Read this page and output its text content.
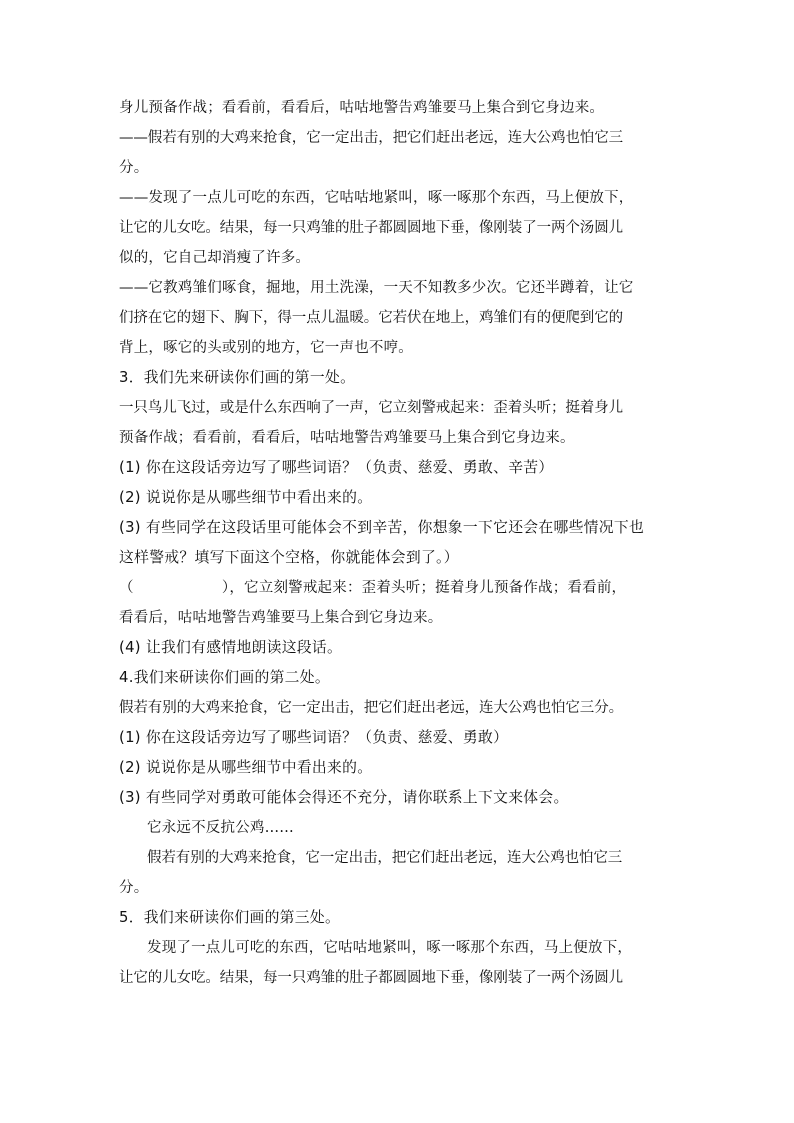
身儿预备作战；看看前，看看后，咕咕地警告鸡雏要马上集合到它身边来。
——假若有别的大鸡来抢食，它一定出击，把它们赶出老远，连大公鸡也怕它三
分。
——发现了一点儿可吃的东西，它咕咕地紧叫，啄一啄那个东西，马上便放下，
让它的儿女吃。结果，每一只鸡雏的肚子都圆圆地下垂，像刚装了一两个汤圆儿
似的，它自己却消瘦了许多。
——它教鸡雏们啄食，掘地，用土洗澡，一天不知教多少次。它还半蹲着，让它
们挤在它的翅下、胸下，得一点儿温暖。它若伏在地上，鸡雏们有的便爬到它的
背上，啄它的头或别的地方，它一声也不哼。
3．我们先来研读你们画的第一处。
一只鸟儿飞过，或是什么东西响了一声，它立刻警戒起来：歪着头听；挺着身儿
预备作战；看看前，看看后，咕咕地警告鸡雏要马上集合到它身边来。
(1) 你在这段话旁边写了哪些词语？（负责、慈爱、勇敢、辛苦）
(2) 说说你是从哪些细节中看出来的。
(3) 有些同学在这段话里可能体会不到辛苦，你想象一下它还会在哪些情况下也
这样警戒？填写下面这个空格，你就能体会到了。）
（　　　　　　），它立刻警戒起来：歪着头听；挺着身儿预备作战；看看前，
看看后，咕咕地警告鸡雏要马上集合到它身边来。
(4) 让我们有感情地朗读这段话。
4.我们来研读你们画的第二处。
假若有别的大鸡来抢食，它一定出击，把它们赶出老远，连大公鸡也怕它三分。
(1) 你在这段话旁边写了哪些词语？（负责、慈爱、勇敢）
(2) 说说你是从哪些细节中看出来的。
(3) 有些同学对勇敢可能体会得还不充分，请你联系上下文来体会。
它永远不反抗公鸡……
假若有别的大鸡来抢食，它一定出击，把它们赶出老远，连大公鸡也怕它三
分。
5．我们来研读你们画的第三处。
发现了一点儿可吃的东西，它咕咕地紧叫，啄一啄那个东西，马上便放下，
让它的儿女吃。结果，每一只鸡雏的肚子都圆圆地下垂，像刚装了一两个汤圆儿
